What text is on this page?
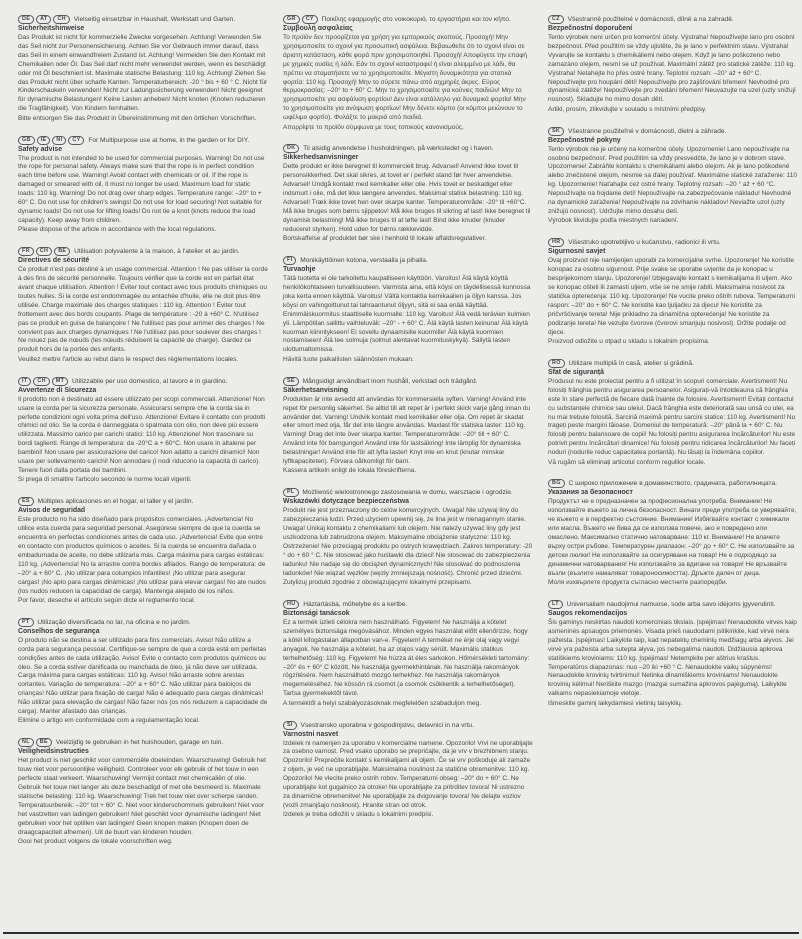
DE AT CH Vielseitig einsetzbar in Haushalt, Werkstatt und Garten.
Sicherheitshinweise

Das Produkt ist nicht für kommerzielle Zwecke vorgesehen. Achtung! Verwenden Sie das Seil nicht zur Personensicherung. Achten Sie vor Gebrauch immer darauf, dass das Seil in einem einwandfreiem Zustand ist. Achtung! Vermeiden Sie den Kontakt mit Chemikalien oder Öl. Das Seil darf nicht mehr verwendet werden, wenn es beschädigt oder mit Öl beschmiert ist. Maximale statische Belastung: 110 kg. Achtung! Ziehen Sie das Produkt nicht über scharfe Kanten. Temperaturbereich: -20 ° bis + 60 ° C. Nicht für Kinderschaukeln verwenden! Nicht zur Ladungssicherung verwenden! Nicht geeignet für dynamische Belastungen! Keine Lasten anheben! Nicht knoten (Knoten reduzieren die Tragfähigkeit). Von Kindern fernhalten.

Bitte entsorgen Sie das Produkt in Übereinstimmung mit den örtlichen Vorschriften.

GB IE NI CY For Multipurpose use at home, in the garden or for DIY.
Safety advise

The product is not intended to be used for commercial purposes. Warning! Do not use the rope for personal safety. Always make sure that the rope is in perfect condition each time before use. Warning! Avoid contact with chemicals or oil. If the rope is damaged or smeared with oil, it must no longer be used. Maximum load for static loads: 110 kg. Warning! Do not drag over sharp edges. Temperature range: –20° to + 60° C. Do not use for children's swings! Do not use for load securing! Not suitable for dynamic loads! Do not use for lifting loads! Do not tie a knot (knots reduce the load capacity). Keep away from children.

Please dispose of the article in accordance with the local regulations.

FR CH BE Utilisation polyvalente à la maison, à l'atelier et au jardin.
Directives de sécurité

Ce produit n'est pas destiné à un usage commercial. Attention ! Ne pas utiliser la corde à des fins de sécurité personnelle. Toujours vérifier que la corde est en parfait état avant chaque utilisation. Attention ! Éviter tout contact avec tous produits chimiques ou toutes huiles. Si la corde est endommagée ou entachée d'huile, elle ne doit plus être utilisée. Charge maximale des charges statiques : 110 kg. Attention ! Éviter tout frottement avec des bords coupants. Plage de température : -20 à +60° C. N'utilisez pas ce produit en guise de balançoire ! Ne l'utilisez pas pour arrimer des charges ! Ne convient pas aux charges dynamiques ! Ne l'utilisez pas pour soulever des charges ! Ne nouez pas de nœuds (les nœuds réduisent la capacité de charge). Gardez ce produit hors de la portée des enfants.

Veuillez mettre l'article au rebut dans le respect des réglementations locales.

IT CH MT Utilizzabile per uso domestico, al lavoro e in giardino.
Avvertenze di Sicurezza

Il prodotto non è destinato ad essere utilizzato per scopi commerciali. Attenzione! Non usare la corda per la sicurezza personale. Assicurarsi sempre che la corda sia in perfette condizioni ogni volta prima dell'uso. Attenzione! Evitare il contatto con prodotti chimici od olio. Se la corda è danneggiata o spalmata con olio, non deve più essere utilizzata. Massimo carico per carichi statici: 110 kg. Attenzione! Non trascinare su bordi taglienti. Range di temperatura: da -20°C a + 60°C. Non usare in altalene per bambini! Non usare per assicurazione del carico! Non adatto a carichi dinamici! Non usare per sollevamento carichi! Non annodare (i nodi riducono la capacità di carico). Tenere fuori dalla portata dei bambini.

Si prega di smaltire l'articolo secondo le norme locali vigenti.

ES Múltiples aplicaciones en el hogar, el taller y el jardín.
Avisos de seguridad

Este producto no ha sido diseñado para propósitos comerciales. ¡Advertencia! No utilice esta cuerda para seguridad personal. Asegúrese siempre de que la cuerda se encuentra en perfectas condiciones antes de cada uso. ¡Advertencia! Evite que entre en contacto con productos químicos o aceites. Si la cuerda se encuentra dañada o embadurnada de aceite, no debe utilizarla más. Carga máxima para cargas estáticas: 110 kg. ¡Advertencia! No la arrastre contra bordes afilados. Rango de temperatura: de –20° a + 60° C. ¡No utilizar para columpios infantiles! ¡No utilizar para asegurar cargas! ¡No apto para cargas dinámicas! ¡No utilizar para elevar cargas! No ate nudos (los nudos reducen la capacidad de carga). Mantenga alejado de los niños.

Por favor, deseche el artículo según dicte el reglamento local.

PT Utilização diversificada no lar, na oficina e no jardim.
Conselhos de segurança

O produto não se destina a ser utilizado para fins comerciais. Aviso! Não utilize a corda para segurança pessoal. Certifique-se sempre de que a corda está em perfeitas condições antes de cada utilização. Aviso! Evite o contacto com produtos químicos ou óleo. Se a corda estiver danificada ou manchada de óleo, já não deve ser utilizada. Carga máxima para cargas estáticas: 110 kg. Aviso! Não arraste sobre arestas cortantes. Variação de temperatura: –20° a + 60° C. Não utilizar para baloiços de crianças! Não utilizar para fixação de carga! Não é adequado para cargas dinâmicas! Não utilizar para elevação de cargas! Não fazer nós (os nós reduzem a capacidade de carga). Manter afastado das crianças.

Elimine o artigo em conformidade com a regulamentação local.

NL BE Veelzijdig te gebruiken in het huishouden, garage en tuin.
Veiligheidsinstructies

Het product is niet geschikt voor commerciële doeleinden. Waarschuwing! Gebruik het touw niet voor persoonlijke veiligheid. Controleer voor elk gebruik of het touw in een perfecte staat verkeert. Waarschuwing! Vermijd contact met chemicaliën of olie. Gebruik het touw niet langer als deze beschadigd of met olie besmeerd is. Maximale statische belasting: 110 kg. Waarschuwing! Trek het touw niet over scherpe randen. Temperatuurbereik: –20° tot + 60° C. Niet voor kinderschommels gebruiken! Niet voor het vastzetten van ladingen gebruiken! Niet geschikt voor dynamische ladingen! Niet gebruiken voor het optillen van ladingen! Geen knopen maken (Knopen doen de draagcapaciteit afnemen). Uit de buurt van kinderen houden.

Gooi het product volgens de lokale voorschriften weg.

GR CY Ποικίλης εφαρμογής στο νοικοκυριό, το εργαστήριο και τον κήπο.
Συμβουλή ασφαλείας

Το προϊόν δεν προορίζεται για χρήση για εμπορικούς σκοπούς. Προσοχή! Μην χρησιμοποιείτε το σχοινί για προσωπική ασφάλεια. Βεβαιωθείτε ότι το σχοινί είναι σε άριστη κατάσταση, κάθε φορά πριν χρησιμοποιηθεί. Προσοχή! Αποφύγετε την επαφή με χημικές ουσίες ή λάδι. Εάν το σχοινί καταστραφεί ή είναι αλειμμένο με λάδι, θα πρέπει να σταματήσετε να το χρησιμοποιείτε. Μέγιστη δυναμικότητα για στατικά φορτία: 110 kg. Προσοχή! Μην το σύρετε πάνω από αιχμηρές άκρες. Εύρος θερμοκρασίας: –20° to + 60° C. Μην το χρησιμοποιείτε για κούνιες παιδιών! Μην το χρησιμοποιείτε για ασφάλιση φορτίου! Δεν είναι κατάλληλο για δυναμικά φορτία! Μην το χρησιμοποιείτε για ανύψωση φορτίων! Μην δένετε κόμπο (οι κόμποι μειώνουν το ωφέλιμο φορτίο). Φυλάξτε το μακριά από παιδιά.

Απορρίψτε το προϊόν σύμφωνα με τους τοπικούς κανονισμούς.

DK Til alsidig anvendelse i husholdningen, på værkstedet og i haven.
Sikkerhedsanvisninger

Dette produkt er ikke beregnet til kommercielt brug. Advarsel! Anvend ikke tovet til personsikkerhed. Det skal sikres, at tovet er i perfekt stand før hver anvendelse. Advarsel! Undgå kontakt med kemikalier eller olie. Hvis tovet er beskadiget eller indsmurt i olie, må det ikke længere anvendes. Maksimal statisk belastning: 110 kg. Advarsel! Træk ikke tovet hen over skarpe kanter. Temperaturområde: -20° til +60°C. Må ikke bruges som børns sjippetov! Må ikke bruges til sikring af last! Ikke beregnet til dynamisk belastning! Må ikke bruges til at løfte last! Bind ikke knuder (knuder reduceret styrken). Hold uden for børns rækkevidde.

Bortskaffelse af produktet bør ske i henhold til lokale affaldsregulativer.

FI Monikäyttöinen kotona, verstaalla ja pihalla.
Turvaohje

Tätä tuotetta ei ole tarkoitettu kaupalliseen käyttöön. Varoitus! Älä käytä köyttä henkilökohtaiseen turvallisuuteen. Varmista aina, että köysi on täydellisessä kunnossa joka kerta ennen käyttöä. Varoitus! Vältä kontaktia kemikaalien ja öljyn kanssa. Jos köysi on vahingoittunut tai tahraantunut öljyyn, sitä ei saa enää käyttää. Enimmäiskuormitus staattiselle kuormalle: 110 kg. Varoitus! Älä vedä terävien kulmien yli. Lämpötilan sallittu vaihteluväli: –20° - + 60° C. Älä käytä lasten keinuna! Älä käytä kuorman kiinnitykseen! Ei sovellu dynaamisille kuormille! Älä käytä kuormien nostamiseen! Älä tee solmuja (solmut alentavat kuormituskykyä). Säilytä lasten ulottumattomissa.

Hävitä tuote paikallisten säännösten mukaan.

SE Mångsidigt användbart inom hushåll, verkstad och trädgård.
Säkerhetsanvisning

Produkten är inte avsedd att användas för kommersiella syften. Varning! Använd inte repet för personlig säkerhet. Se alltid till att repet är i perfekt skick varje gång innan du använder det. Varning! Undvik kontakt med kemikalier eller olja. Om repet är skadat eller smort med olja, får det inte längre användas. Maxlast för statiska laster: 110 kg. Varning! Drag det inte över skarpa kanter. Temperaturområde: –20° till + 60° C. Använd inte för barngungor! Använd inte för lastsäkring! Inte lämplig för dynamiska belastningar! Använd inte för att lyfta laster! Knyt inte en knut (knutar minskar lyftkapaciteten). Förvara oåtkomligt för barn.

Kassera artikeln enligt de lokala föreskrifterna.

PL Możliwość wielostronnego zastosowania w domu, warsztacie i ogrodzie.
Wskazówki dotyczące bezpieczeństwa

Produkt nie jest przeznaczony do celów komercyjnych. Uwaga! Nie używaj liny do zabezpieczania ludzi. Przed użyciem upewnij się, że lina jest w nienagannym stanie. Uwaga! Unikaj kontaktu z chemikaliami lub olejem. Nie należy używać liny gdy jest uszkodzona lub zabrudzona olejem. Maksymalne obciążenie statyczne: 110 kg. Ostrzeżenie! Nie przeciągaj produktu po ostrych krawędziach. Zakres temperatury: -20 ° do + 60 ° C. Nie stosować jako huśtawki dla dzieci! Nie stosować do zabezpieczenia ładunku! Nie nadaje się do obciążeń dynamicznych! Nie stosować do podnoszenia ładunków! Nie wiązać węzłów (węzły zmniejszają nośność). Chronić przed dziećmi.

Zutylizuj produkt zgodnie z obowiązującymi lokalnymi przepisami.

HU Háztartásba, műhelybe és a kertbe.
Biztonsági tanácsok

Ez a termék üzleti célokra nem használható. Figyelem! Ne használja a kötelet személyes biztonsága megóvásához. Minden egyes használat előtt ellenőrizze, hogy a kötél kifogástalan állapotban van-e. Figyelem! A terméket ne érje olaj vagy vegyi anyagok. Ne használja a kötelet, ha az olajos vagy sérült. Maximális statikus terhelhetőség: 110 kg. Figyelem! Ne húzza át éles sarkokon. Hőmérsékleti tartomány: –20° és + 60° C között. Ne használja gyermekhintának. Ne használja rakományok rögzítésére. Nem használható mozgó terhekhez. Ne használja rakományok megemeléséhez. Ne kössön rá csomót (a csomók csökkentik a terhelhetőséget). Tartsa gyermekektől távol.

A terméktől a helyi szabályozásoknak megfelelően szabaduljon meg.

SI Vsestransko uporabna v gospodinjstvu, delavnici in na vrtu.
Varnostni nasvet

Izdelek ni namenjen za uporabo v komercialne namene. Opozorilo! Vrvi ne uporabljajte za osebno varnost. Pred vsako uporabo se prepričajte, da je vrv v brezhibnem stanju. Opozorilo! Preprečite kontakt s kemikalijami ali oljem. Če se vrv poškoduje ali zamaže z oljem, je več ne uporabljajte. Maksimalna nosilnost za statične obremenitve: 110 kg. Opozorilo! Ne vlecite preko ostrih robov. Temperaturni obseg: –20° do + 60° C. Ne uporabljajte kot gugalnico za otroke! Ne uporabljajte za pritrditev tovora! Ni ustrezno za dinamične obremenitve! Ne uporabljajte za dvigovanje tovora! Ne delajte vozlov (vozli zmanjšajo nosilnost). Hranite stran od otrok.

Izdelek je treba odložiti v skladu s lokalnimi predpisi.

CZ Všestranně použitelné v domácnosti, dílně a na zahradě.
Bezpečnostní doporučení

Tento výrobek není určen pro komerční účely. Výstraha! Nepoužívejte lano pro osobní bezpečnost. Před použitím se vždy ujistěte, že je lano v perfektním stavu. Výstraha! Vyvarujte se kontaktu s chemikáliemi nebo olejem. Když je lano poškozeno nebo zamazáno olejem, nesmí se už používat. Maximální zátěž pro statické zátěže: 110 kg. Výstraha! Netahejte ho přes ostré hrany. Teplotní rozsah: –20° až + 60° C. Nepoužívejte pro houpání dětí! Nepoužívejte pro zajišťování břemen! Nevhodné pro dynamické zátěže! Nepoužívejte pro zvedání břemen! Neuvazujte na uzel (uzly snižují nosnost). Skladujte ho mimo dosah dětí.

Artikl, prosím, zlikvidujte v souladu s místními předpisy.

SK Všestranne použiteľné v domácnosti, dielni a záhrade.
Bezpečnostné pokyny

Tento výrobok nie je určený na komerčné účely. Upozornenie! Lano nepoužívajte na osobnú bezpečnosť. Pred použitím sa vždy presvedčte, že lano je v dobrom stave. Upozornenie! Zabráňte kontaktu s chemikáliami alebo olejom. Ak je lano poškodené alebo znečistené olejom, nesmie sa ďalej používať. Maximálne statické zaťaženie: 110 kg. Upozornenie! Naťahajte cez ostré hrany. Teplotný rozsah: –20 ° až + 60 °C. Nepoužívajte na hojdanie detí! Nepoužívajte na zabezpečovanie nákladu! Nevhodné na dynamické zaťaženia! Nepoužívajte na zdvíhanie nákladov! Neviažte uzol (uzly znižujú nosnosť). Udržujte mimo dosahu detí.

Výrobok likvidujte podľa miestnych nariadení.

HR Višestruko upotrebljivo u kućanstvu, radionici ili vrtu.
Sigurnosni savjet

Ovaj proizvod nije namijenjen uporabi za komercijalne svrhe. Upozorenje! Ne koristite konopac za osobnu sigurnost. Prije svake se uporabe uvjerite da je konopac u besprijekornom stanju. Upozorenje! Izbjegavajte kontakt s kemikalijama ili uljem. Ako se konopac ošteti ili zamasti uljem, više se ne smije rabiti. Maksimalna nosivost za statička opterećenja: 110 kg. Upozorenje! Ne vucite preko oštrih rubova. Temperaturni raspon: –20° do + 60° C. Ne koristite kao ljuljačku za djecu! Ne koristite za pričvršćivanje tereta! Nije prikladno za dinamična opterećenja! Ne koristite za podizanje tereta! Ne vezujte čvorove (čvorovi smanjuju nosivost). Držite podalje od djece.

Proizvod odložite u otpad u skladu s lokalnim propisima.

RO Utilizare multiplă în casă, atelier și grădină.
Sfat de siguranță

Produsul nu este proiectat pentru a fi utilizat în scopuri comerciale. Avertisment! Nu folosiți frânghia pentru asigurarea persoanelor. Asigurați-vă întotdeauna că frânghia este în stare perfectă de fiecare dată înainte de folosire. Avertisment! Evitați contactul cu substanțele chimice sau uleiul. Dacă frânghia este deteriorată sau unsă cu ulei, ea nu mai trebuie folosită. Sarcină maximă pentru sarcini statice: 110 kg. Avertisment! Nu trageți peste margini tăioase. Domeniul de temperatură: –20° până la + 60° C. Nu folosiți pentru balansoare de copii! Nu folosiți pentru asigurarea încărcăturilor! Nu este potrivit pentru încărcături dinamice! Nu folosiți pentru ridicarea încărcăturilor! Nu faceți noduri (nodurile reduc capacitatea portantă). Nu lăsați la îndemâna copiilor.

Vă rugăm să eliminați articolul conform regulilor locale.

BG С широко приложение в домакинството, градината, работилницата.
Указания за безопасност

Продуктът не е предназначен за професионална употреба. Внимание! Не използвайте въжето за лична безопасност. Винаги преди употреба се уверявайте, че въжето е в перфектно състояние. Внимание! Избягвайте контакт с химикали или масла. Въжето не бива да се използва повече, ако е повредено или омаслено. Максимално статично натоварване: 110 кг. Внимание! Не влачете върху остри ръбове. Температурен диапазон: –20° до + 60° C. Не използвайте за детски люлки! Не използвайте за осигуряване на товар! Не е подходящо за динамични натоварвания! Не използвайте за вдигане на товари! Не връзвайте възли (възлите намаляват товароносимостта). Дръжте далеч от деца.

Моля изхвърлете продукта съгласно местните разпоредби.

LT Universaliam naudojimui namuose, sode arba savo idėjoms įgyvendinti.
Saugos rekomendacijos

Šis gaminys neskirtas naudoti komerciniais tikslais. Įspėjimas! Nenaudokite virvės kaip asmeninės apsaugos priemonės. Visada prieš naudodami įsitikinkite, kad virvė nėra pažeista. Įspėjimas! Laikykite taip, kad nepatektų cheminių medžiagų arba alyvos. Jei virvė yra pažeista arba sutepta alyva, jos nebegalima naudoti. Didžiausia apkrova statiškiems kroviniams: 110 kg. Įspėjimas! Netempkite per aštrius kraštus. Temperatūros diapazonas: nuo –20 iki +60 ° C. Nenaudokite vaikų sūpynėms! Nenaudokite krovinių tvirtinimui! Netinka dinamiškiems kroviniams! Nenaudokite krovinių kėlimui! Neriškite mazgo (mazgai sumažina apkrovos pajėgumą). Laikykite vaikams nepasiekiamoje vietoje.

Išmeskite gaminį laikydamiesi vietinių taisyklių.
